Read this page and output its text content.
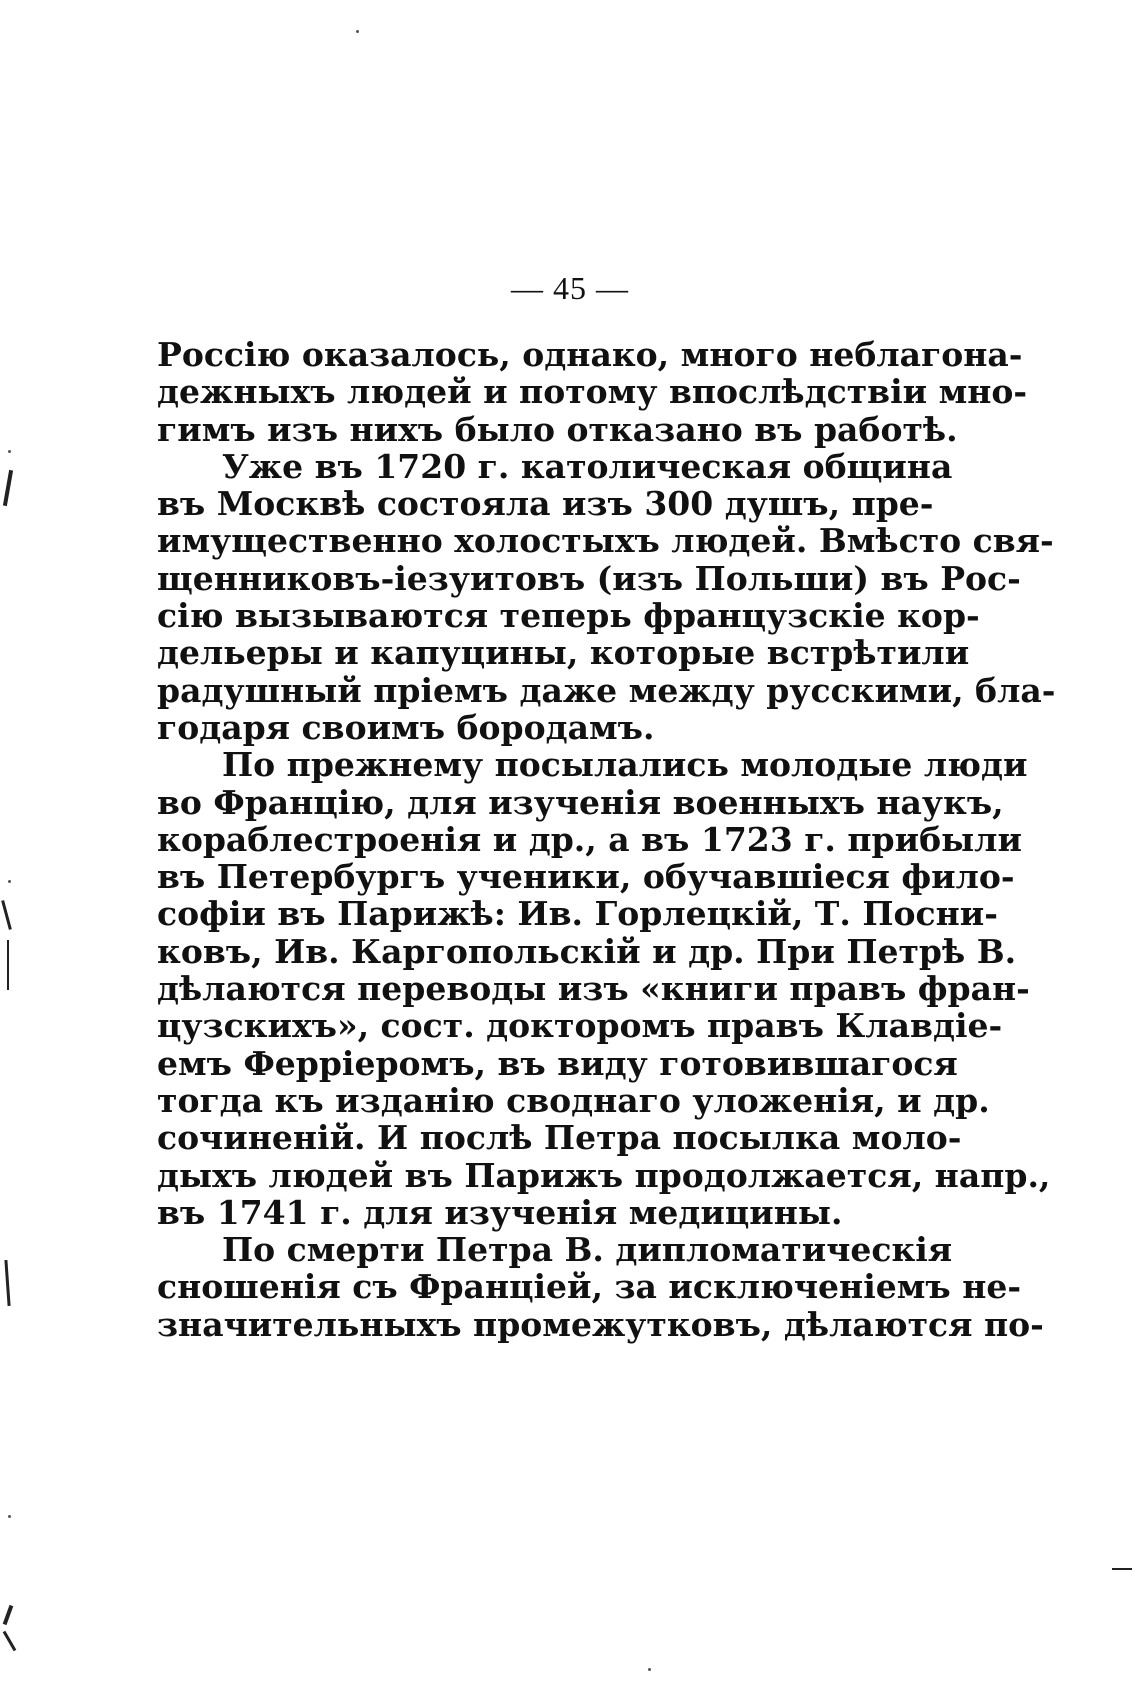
— 45 —
Россію оказалось, однако, много неблагона-
дежныхъ людей и потому впослѣдствіи мно-
гимъ изъ нихъ было отказано въ работѣ.
Уже въ 1720 г. католическая община
въ Москвѣ состояла изъ 300 душъ, пре-
имущественно холостыхъ людей. Вмѣсто свя-
щенниковъ-іезуитовъ (изъ Польши) въ Рос-
сію вызываются теперь французскіе кор-
дельеры и капуцины, которые встрѣтили
радушный пріемъ даже между русскими, бла-
годаря своимъ бородамъ.
По прежнему посылались молодые люди
во Францію, для изученія военныхъ наукъ,
кораблестроенія и др., а въ 1723 г. прибыли
въ Петербургъ ученики, обучавшіеся фило-
софіи въ Парижѣ: Ив. Горлецкій, Т. Посни-
ковъ, Ив. Каргопольскій и др. При Петрѣ В.
дѣлаются переводы изъ «книги правъ фран-
цузскихъ», сост. докторомъ правъ Клавдіе-
емъ Ферріеромъ, въ виду готовившагося
тогда къ изданію своднаго уложенія, и др.
сочиненій. И послѣ Петра посылка моло-
дыхъ людей въ Парижъ продолжается, напр.,
въ 1741 г. для изученія медицины.
По смерти Петра В. дипломатическія
сношенія съ Франціей, за исключеніемъ не-
значительныхъ промежутковъ, дѣлаются по-
